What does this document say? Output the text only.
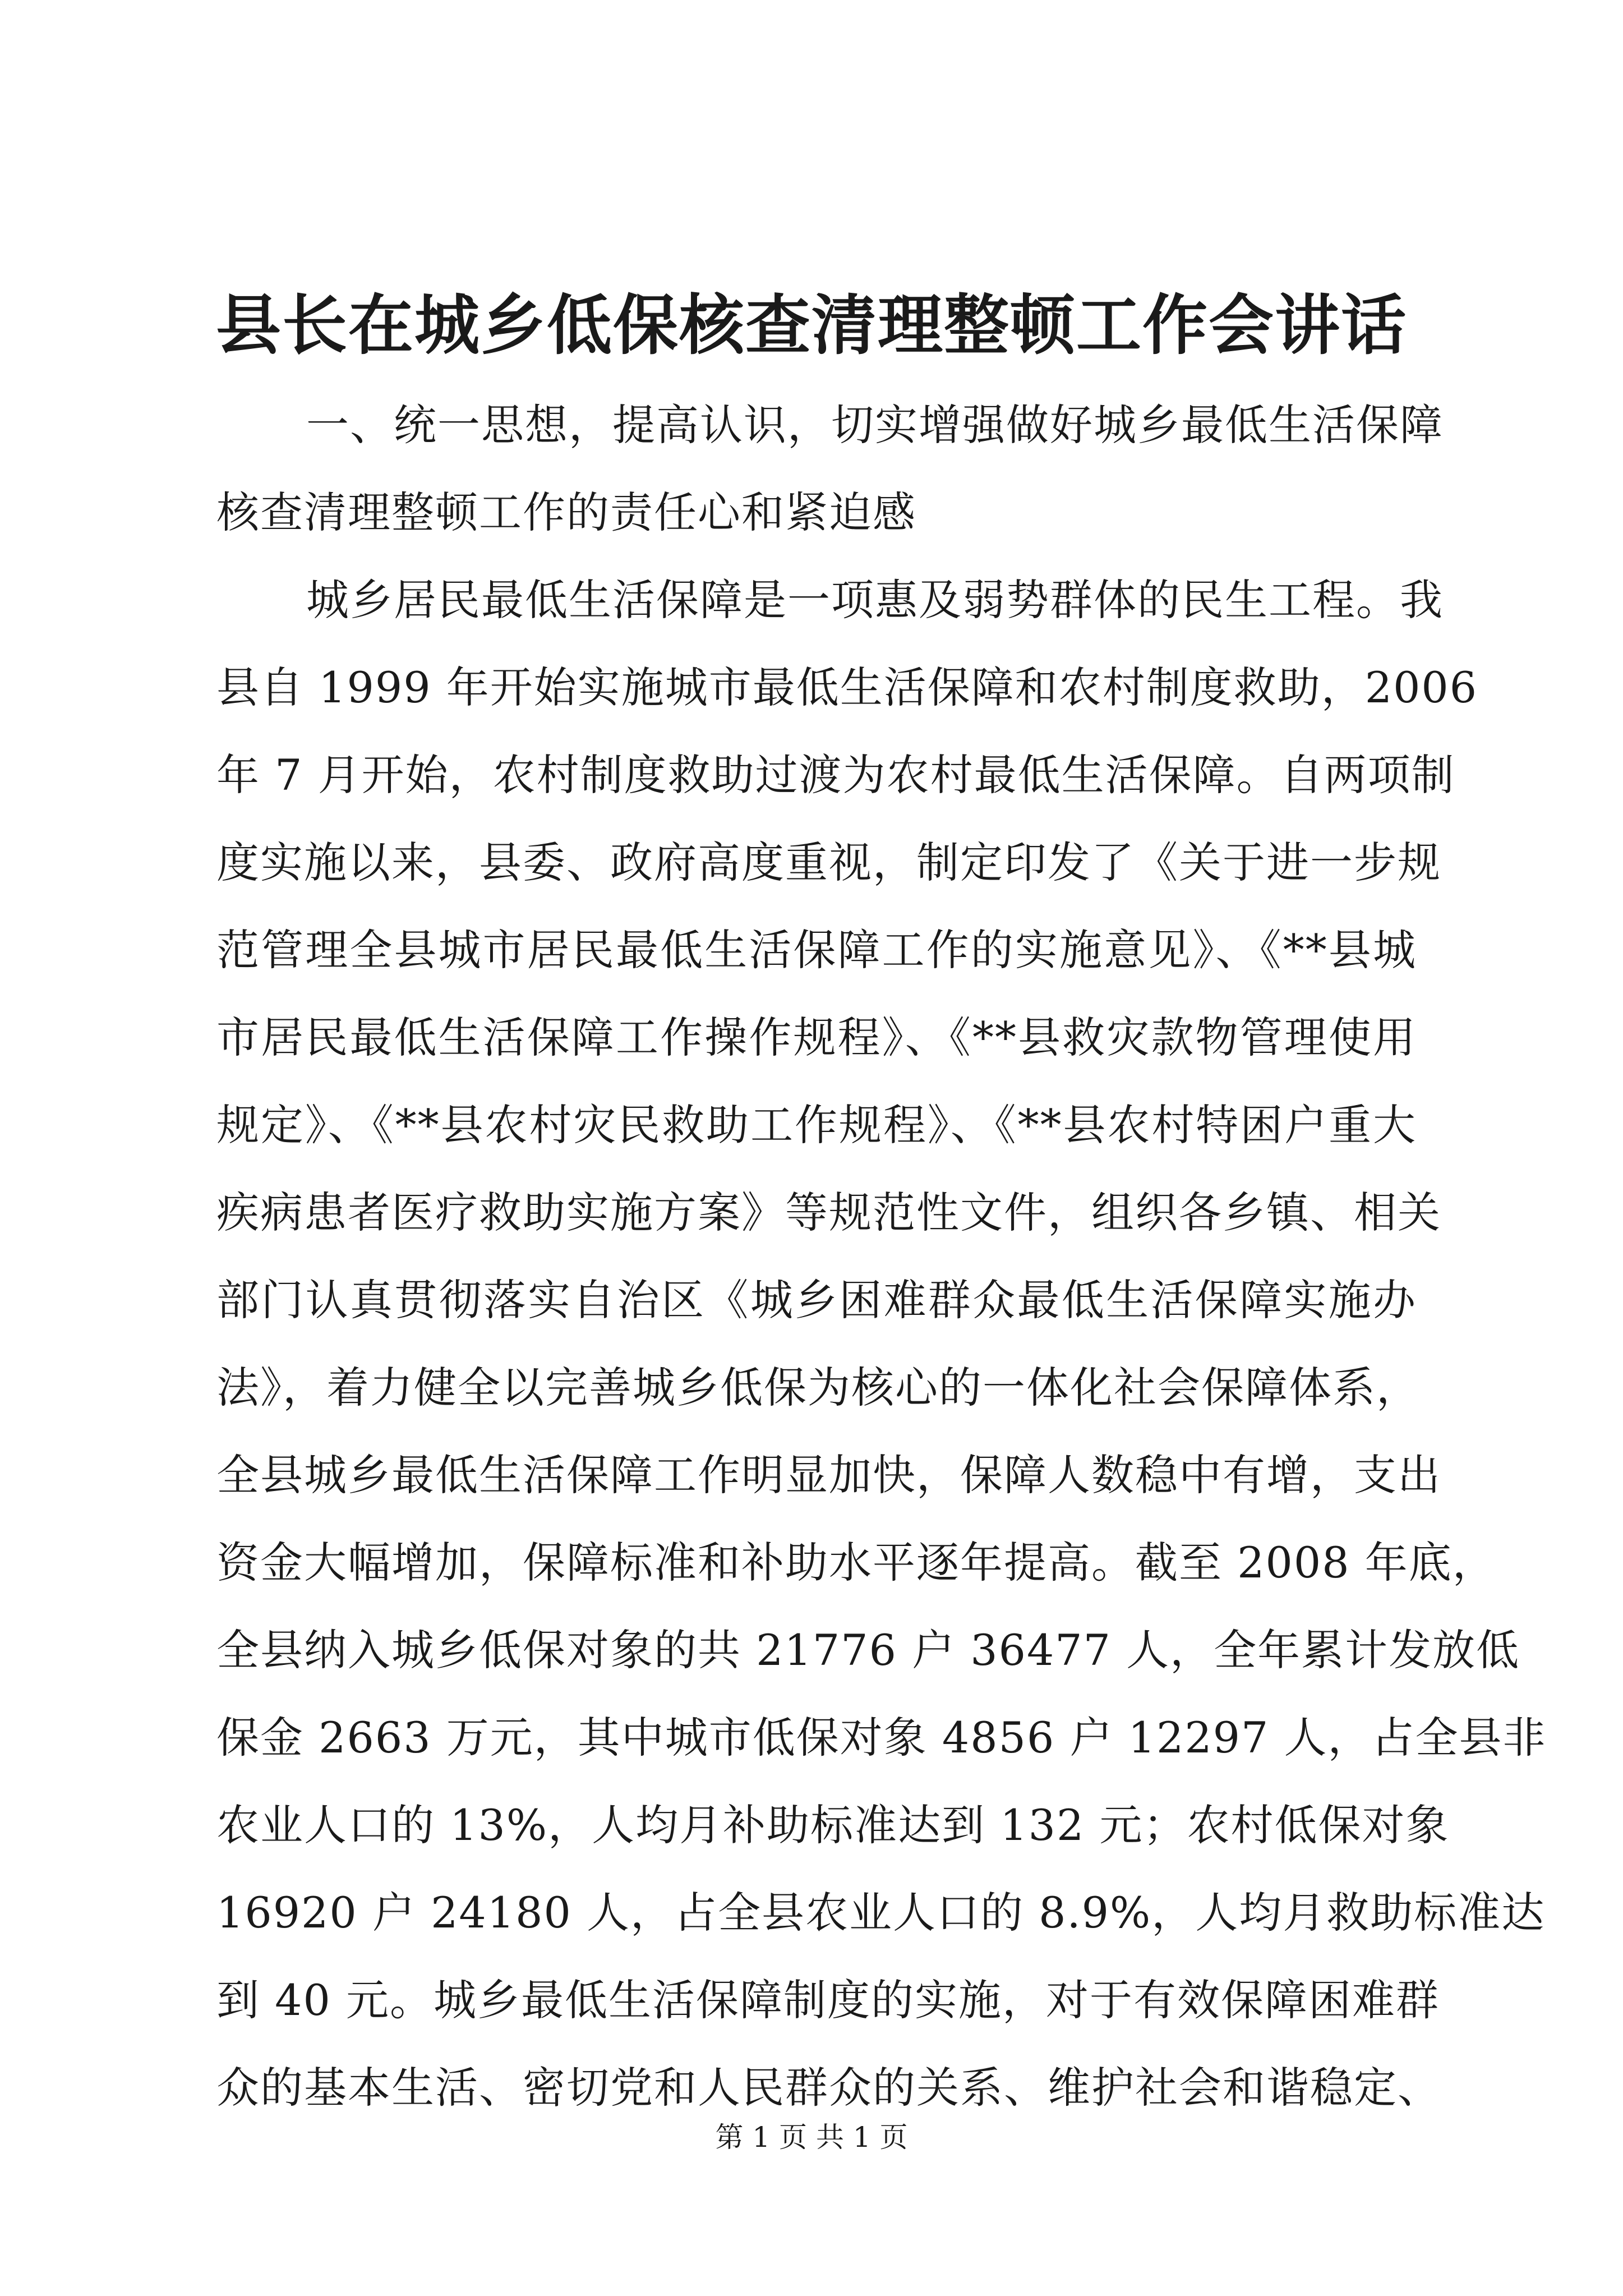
县长在城乡低保核查清理整顿工作会讲话
一、统一思想，提高认识，切实增强做好城乡最低生活保障
核查清理整顿工作的责任心和紧迫感
城乡居民最低生活保障是一项惠及弱势群体的民生工程。我
县自 1999 年开始实施城市最低生活保障和农村制度救助，2006
年 7 月开始，农村制度救助过渡为农村最低生活保障。自两项制
度实施以来，县委、政府高度重视，制定印发了《关于进一步规
范管理全县城市居民最低生活保障工作的实施意见》、《**县城
市居民最低生活保障工作操作规程》、《**县救灾款物管理使用
规定》、《**县农村灾民救助工作规程》、《**县农村特困户重大
疾病患者医疗救助实施方案》等规范性文件，组织各乡镇、相关
部门认真贯彻落实自治区《城乡困难群众最低生活保障实施办
法》，着力健全以完善城乡低保为核心的一体化社会保障体系，
全县城乡最低生活保障工作明显加快，保障人数稳中有增，支出
资金大幅增加，保障标准和补助水平逐年提高。截至 2008 年底，
全县纳入城乡低保对象的共 21776 户 36477 人，全年累计发放低
保金 2663 万元，其中城市低保对象 4856 户 12297 人，占全县非
农业人口的 13%，人均月补助标准达到 132 元；农村低保对象
16920 户 24180 人，占全县农业人口的 8.9%，人均月救助标准达
到 40 元。城乡最低生活保障制度的实施，对于有效保障困难群
众的基本生活、密切党和人民群众的关系、维护社会和谐稳定、
第 1 页 共 1 页
